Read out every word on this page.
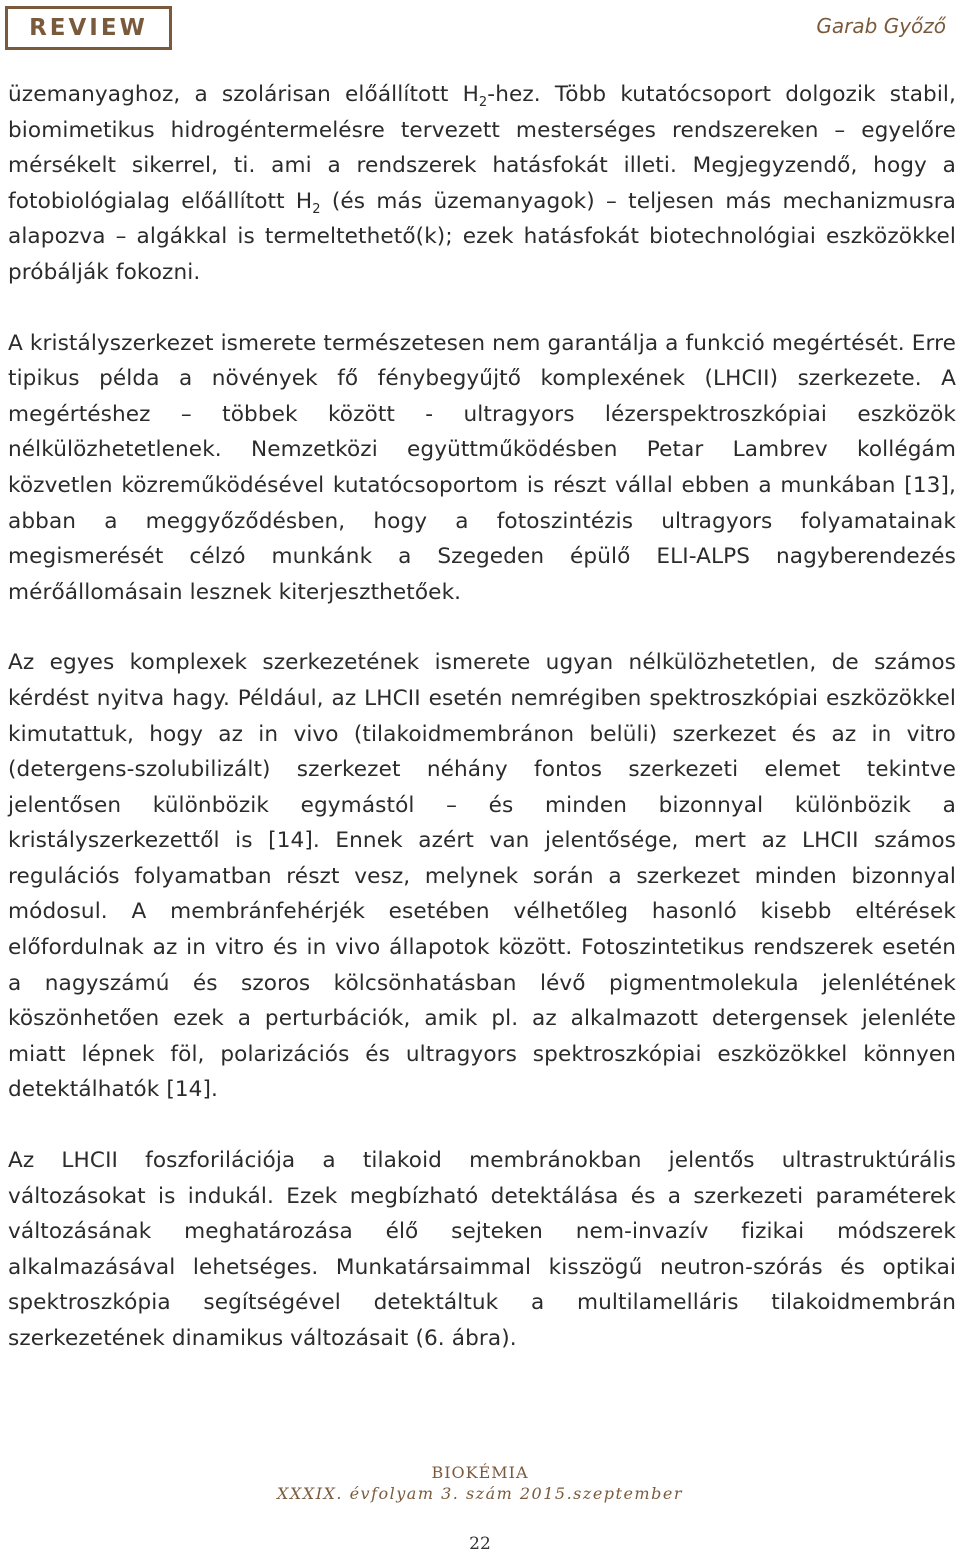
REVIEW	Garab Győző

üzemanyaghoz, a szolárisan előállított $H_2$-hez. Több kutatócsoport dolgozik stabil, biomimetikus hidrogéntermelésre tervezett mesterséges rendszereken – egyelőre mérsékelt sikerrel, ti. ami a rendszerek hatásfokát illeti. Megjegyzendő, hogy a fotobiológialag előállított $H_2$ (és más üzemanyagok) – teljesen más mechanizmusra alapozva – algákkal is termeltethető(k); ezek hatásfokát biotechnológiai eszközökkel próbálják fokozni.

A kristályszerkezet ismerete természetesen nem garantálja a funkció megértését. Erre tipikus példa a növények fő fénybegyűjtő komplexének (LHCII) szerkezete. A megértéshez – többek között - ultragyors lézerspektroszkópiai eszközök nélkülözhetetlenek. Nemzetközi együttműködésben Petar Lambrev kollégám közvetlen közreműködésével kutatócsoportom is részt vállal ebben a munkában [13], abban a meggyőződésben, hogy a fotoszintézis ultragyors folyamatainak megismerését célzó munkánk a Szegeden épülő ELI-ALPS nagyberendezés mérőállomásain lesznek kiterjeszthetőek.

Az egyes komplexek szerkezetének ismerete ugyan nélkülözhetetlen, de számos kérdést nyitva hagy. Például, az LHCII esetén nemrégiben spektroszkópiai eszközökkel kimutattuk, hogy az in vivo (tilakoidmembránon belüli) szerkezet és az in vitro (detergens-szolubilizált) szerkezet néhány fontos szerkezeti elemet tekintve jelentősen különbözik egymástól – és minden bizonnyal különbözik a kristályszerkezettől is [14]. Ennek azért van jelentősége, mert az LHCII számos regulációs folyamatban részt vesz, melynek során a szerkezet minden bizonnyal módosul. A membránfehérjék esetében vélhetőleg hasonló kisebb eltérések előfordulnak az in vitro és in vivo állapotok között. Fotoszintetikus rendszerek esetén a nagyszámú és szoros kölcsönhatásban lévő pigmentmolekula jelenlétének köszönhetően ezek a perturbációk, amik pl. az alkalmazott detergensek jelenléte miatt lépnek föl, polarizációs és ultragyors spektroszkópiai eszközökkel könnyen detektálhatók [14].

Az LHCII foszforilációja a tilakoid membránokban jelentős ultrastruktúrális változásokat is indukál. Ezek megbízható detektálása és a szerkezeti paraméterek változásának meghatározása élő sejteken nem-invazív fizikai módszerek alkalmazásával lehetséges. Munkatársaimmal kisszögű neutron-szórás és optikai spektroszkópia segítségével detektáltuk a multilamelláris tilakoidmembrán szerkezetének dinamikus változásait (6. ábra).

BIOKÉMIA
XXXIX. évfolyam 3. szám 2015.szeptember
22
